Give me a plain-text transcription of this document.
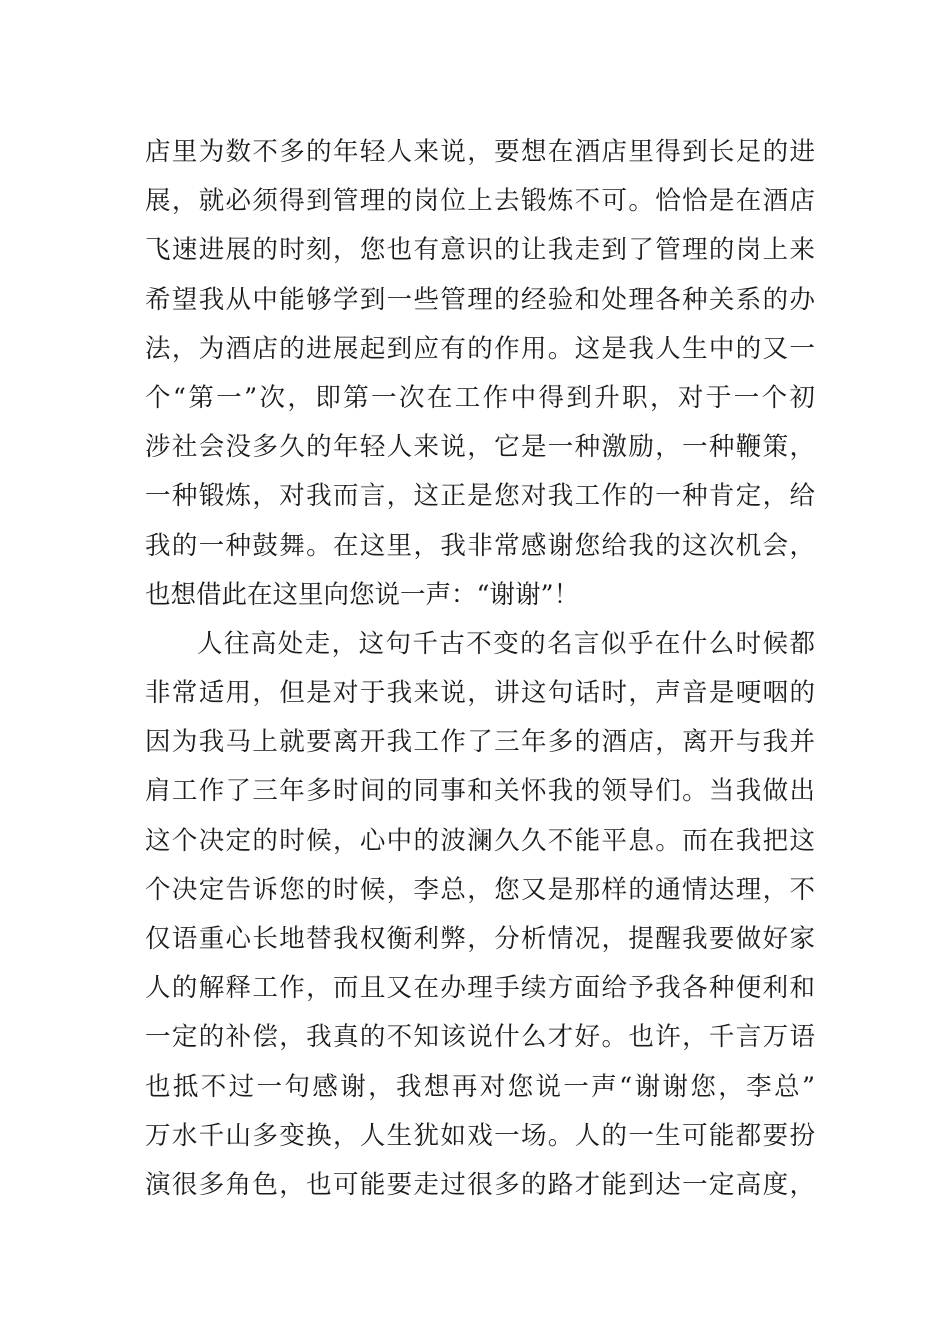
店里为数不多的年轻人来说，要想在酒店里得到长足的进
展，就必须得到管理的岗位上去锻炼不可。恰恰是在酒店
飞速进展的时刻，您也有意识的让我走到了管理的岗上来
希望我从中能够学到一些管理的经验和处理各种关系的办
法，为酒店的进展起到应有的作用。这是我人生中的又一
个“第一”次，即第一次在工作中得到升职，对于一个初
涉社会没多久的年轻人来说，它是一种激励，一种鞭策，
一种锻炼，对我而言，这正是您对我工作的一种肯定，给
我的一种鼓舞。在这里，我非常感谢您给我的这次机会，
也想借此在这里向您说一声：“谢谢”！
人往高处走，这句千古不变的名言似乎在什么时候都
非常适用，但是对于我来说，讲这句话时，声音是哽咽的
因为我马上就要离开我工作了三年多的酒店，离开与我并
肩工作了三年多时间的同事和关怀我的领导们。当我做出
这个决定的时候，心中的波澜久久不能平息。而在我把这
个决定告诉您的时候，李总，您又是那样的通情达理，不
仅语重心长地替我权衡利弊，分析情况，提醒我要做好家
人的解释工作，而且又在办理手续方面给予我各种便利和
一定的补偿，我真的不知该说什么才好。也许，千言万语
也抵不过一句感谢，我想再对您说一声“谢谢您，李总”
万水千山多变换，人生犹如戏一场。人的一生可能都要扮
演很多角色，也可能要走过很多的路才能到达一定高度，
